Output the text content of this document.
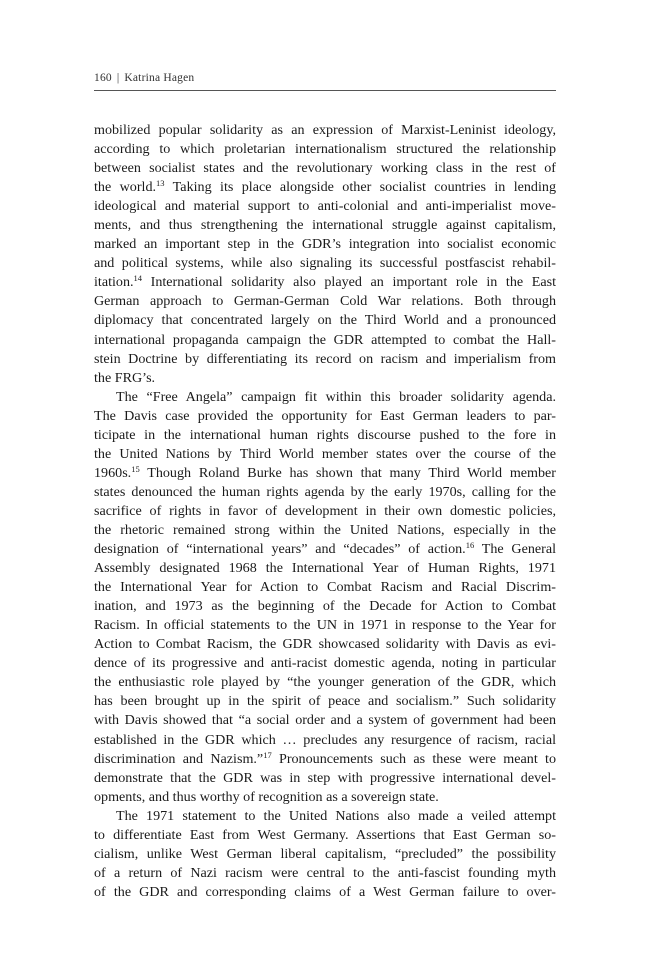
160 | Katrina Hagen
mobilized popular solidarity as an expression of Marxist-Leninist ideology,
according to which proletarian internationalism structured the relationship
between socialist states and the revolutionary working class in the rest of
the world.$^{13}$ Taking its place alongside other socialist countries in lending
ideological and material support to anti-colonial and anti-imperialist move-
ments, and thus strengthening the international struggle against capitalism,
marked an important step in the GDR’s integration into socialist economic
and political systems, while also signaling its successful postfascist rehabil-
itation.$^{14}$ International solidarity also played an important role in the East
German approach to German-German Cold War relations. Both through
diplomacy that concentrated largely on the Third World and a pronounced
international propaganda campaign the GDR attempted to combat the Hall-
stein Doctrine by differentiating its record on racism and imperialism from
the FRG’s.
The “Free Angela” campaign fit within this broader solidarity agenda.
The Davis case provided the opportunity for East German leaders to par-
ticipate in the international human rights discourse pushed to the fore in
the United Nations by Third World member states over the course of the
1960s.$^{15}$ Though Roland Burke has shown that many Third World member
states denounced the human rights agenda by the early 1970s, calling for the
sacrifice of rights in favor of development in their own domestic policies,
the rhetoric remained strong within the United Nations, especially in the
designation of “international years” and “decades” of action.$^{16}$ The General
Assembly designated 1968 the International Year of Human Rights, 1971
the International Year for Action to Combat Racism and Racial Discrim-
ination, and 1973 as the beginning of the Decade for Action to Combat
Racism. In official statements to the UN in 1971 in response to the Year for
Action to Combat Racism, the GDR showcased solidarity with Davis as evi-
dence of its progressive and anti-racist domestic agenda, noting in particular
the enthusiastic role played by “the younger generation of the GDR, which
has been brought up in the spirit of peace and socialism.” Such solidarity
with Davis showed that “a social order and a system of government had been
established in the GDR which … precludes any resurgence of racism, racial
discrimination and Nazism.”$^{17}$ Pronouncements such as these were meant to
demonstrate that the GDR was in step with progressive international devel-
opments, and thus worthy of recognition as a sovereign state.
The 1971 statement to the United Nations also made a veiled attempt
to differentiate East from West Germany. Assertions that East German so-
cialism, unlike West German liberal capitalism, “precluded” the possibility
of a return of Nazi racism were central to the anti-fascist founding myth
of the GDR and corresponding claims of a West German failure to over-
